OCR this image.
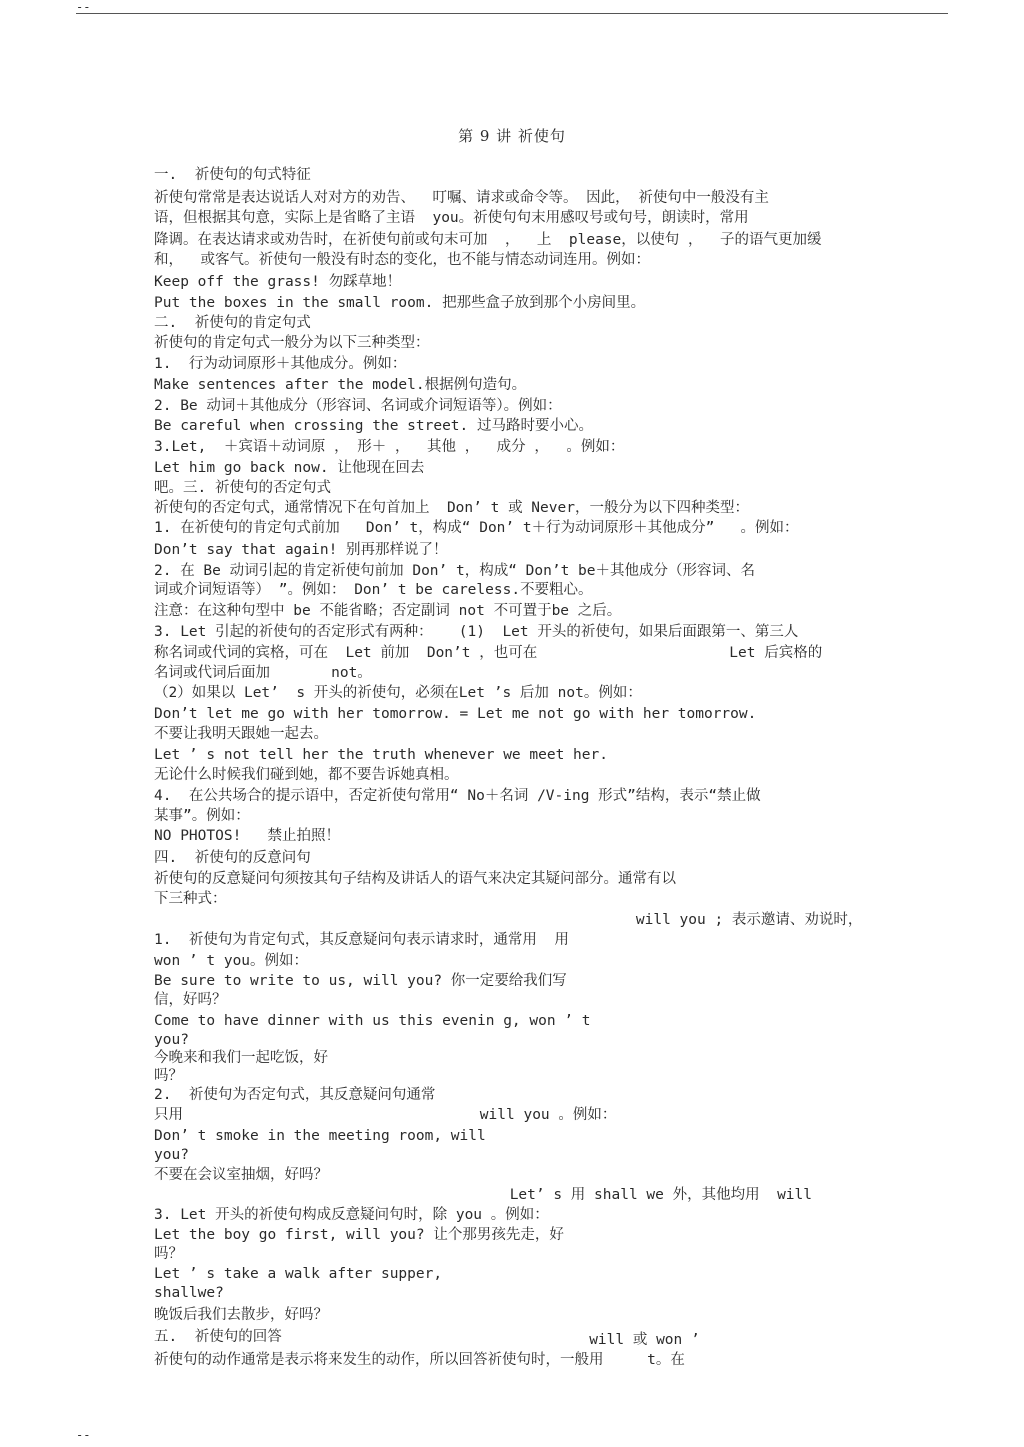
--
第 9 讲 祈使句
一.  祈使句的句式特征
祈使句常常是表达说话人对对方的劝告、  叮嘱、请求或命令等。 因此， 祈使句中一般没有主
语，但根据其句意，实际上是省略了主语  you。祈使句句末用感叹号或句号，朗读时，常用
降调。在表达请求或劝告时，在祈使句前或句末可加  ，  上  please，以使句 ，  子的语气更加缓
和，  或客气。祈使句一般没有时态的变化，也不能与情态动词连用。例如：
Keep off the grass! 勿踩草地！
Put the boxes in the small room. 把那些盒子放到那个小房间里。
二.  祈使句的肯定句式
祈使句的肯定句式一般分为以下三种类型：
1.  行为动词原形＋其他成分。例如：
Make sentences after the model.根据例句造句。
2. Be 动词＋其他成分（形容词、名词或介词短语等）。例如：
Be careful when crossing the street. 过马路时要小心。
3.Let,  ＋宾语＋动词原 ， 形＋ ，  其他 ，  成分 ，  。例如：
Let him go back now. 让他现在回去
吧。三. 祈使句的否定句式
祈使句的否定句式，通常情况下在句首加上  Don’ t 或 Never，一般分为以下四种类型：
1. 在祈使句的肯定句式前加   Don’ t，构成“ Don’ t＋行为动词原形＋其他成分”   。例如：
Don’t say that again! 别再那样说了！
2. 在 Be 动词引起的肯定祈使句前加 Don’ t，构成“ Don’t be＋其他成分（形容词、名
词或介词短语等） ”。例如： Don’ t be careless.不要粗心。
注意：在这种句型中 be 不能省略；否定副词 not 不可置于be 之后。
3. Let 引起的祈使句的否定形式有两种：   (1)  Let 开头的祈使句，如果后面跟第一、第三人
称名词或代词的宾格，可在  Let 前加  Don’t ，也可在                      Let 后宾格的
名词或代词后面加       not。
（2）如果以 Let’  s 开头的祈使句，必须在Let ’s 后加 not。例如：
Don’t let me go with her tomorrow. = Let me not go with her tomorrow.
不要让我明天跟她一起去。
Let ’ s not tell her the truth whenever we meet her.
无论什么时候我们碰到她，都不要告诉她真相。
4.  在公共场合的提示语中，否定祈使句常用“ No＋名词 /V-ing 形式”结构，表示“禁止做
某事”。例如：
NO PHOTOS!   禁止拍照！
四.  祈使句的反意问句
祈使句的反意疑问句须按其句子结构及讲话人的语气来决定其疑问部分。通常有以
下三种式：
will you ; 表示邀请、劝说时，
1.  祈使句为肯定句式，其反意疑问句表示请求时，通常用  用
won ’ t you。例如：
Be sure to write to us, will you? 你一定要给我们写
信，好吗？
Come to have dinner with us this evenin g, won ’ t
you?
今晚来和我们一起吃饭，好
吗？
2.  祈使句为否定句式，其反意疑问句通常
只用                                  will you 。例如：
Don’ t smoke in the meeting room, will
you?
不要在会议室抽烟，好吗？
Let’ s 用 shall we 外，其他均用  will
3. Let 开头的祈使句构成反意疑问句时，除 you 。例如：
Let the boy go first, will you? 让个那男孩先走，好
吗？
Let ’ s take a walk after supper,
shallwe?
晚饭后我们去散步，好吗？
will 或 won ’
五.  祈使句的回答
祈使句的动作通常是表示将来发生的动作，所以回答祈使句时，一般用     t。在
--
